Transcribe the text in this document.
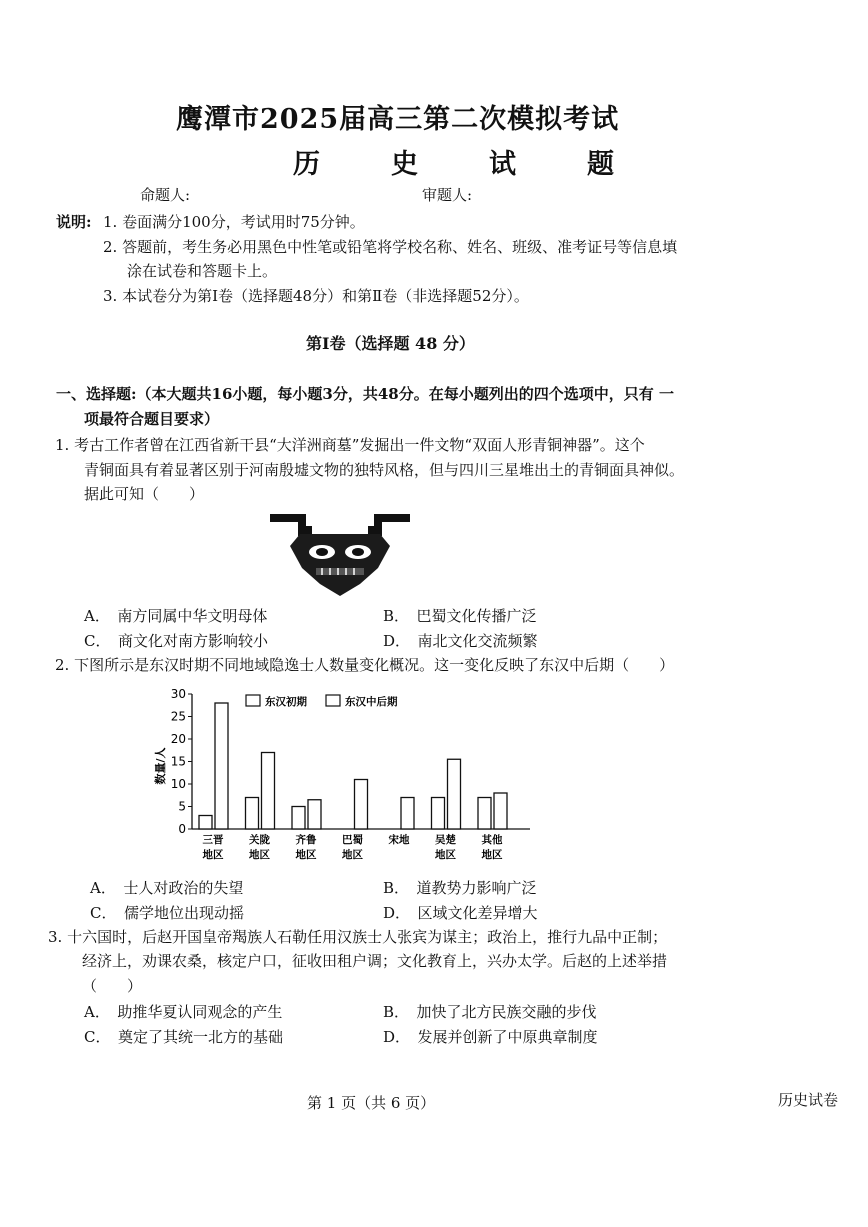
鹰潭市2025届高三第二次模拟考试
历　史　试　题
命题人:	审题人:
说明: 1. 卷面满分100分，考试用时75分钟。
2. 答题前，考生务必用黑色中性笔或铅笔将学校名称、姓名、班级、准考证号等信息填
涂在试卷和答题卡上。
3. 本试卷分为第Ⅰ卷（选择题48分）和第Ⅱ卷（非选择题52分）。
第Ⅰ卷（选择题 48 分）
一、选择题:（本大题共16小题，每小题3分，共48分。在每小题列出的四个选项中，只有 一
项最符合题目要求）
1. 考古工作者曾在江西省新干县“大洋洲商墓”发掘出一件文物“双面人形青铜神器”。这个
青铜面具有着显著区别于河南殷墟文物的独特风格，但与四川三星堆出土的青铜面具神似。
据此可知（　　）
A．　南方同属中华文明母体	B．　巴蜀文化传播广泛
C．　商文化对南方影响较小	D．　南北文化交流频繁
2. 下图所示是东汉时期不同地域隐逸士人数量变化概况。这一变化反映了东汉中后期（　　）
0
5
10
15
20
25
30
数量/人
三晋
地区
关陇
地区
齐鲁
地区
巴蜀
地区
宋地 吴楚
地区
其他
地区
东汉初期	东汉中后期
A．　士人对政治的失望	B．　道教势力影响广泛
C．　儒学地位出现动摇	D．　区域文化差异增大
3. 十六国时，后赵开国皇帝羯族人石勒任用汉族士人张宾为谋主；政治上，推行九品中正制；
经济上，劝课农桑，核定户口，征收田租户调；文化教育上，兴办太学。后赵的上述举措
（　　）
A．　助推华夏认同观念的产生	B．　加快了北方民族交融的步伐
C．　奠定了其统一北方的基础	D．　发展并创新了中原典章制度
第 1 页（共 6 页）	历史试卷
